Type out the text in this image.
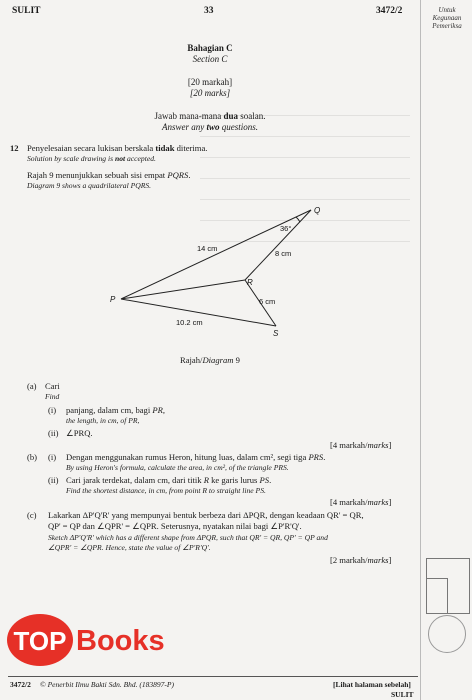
SULIT	33	3472/2	Untuk
Kegunaan
Pemeriksa
Bahagian C
Section C
[20 markah]
[20 marks]
Jawab mana-mana dua soalan.
Answer any two questions.
12 Penyelesaian secara lukisan berskala tidak diterima.
Solution by scale drawing is not accepted.
Rajah 9 menunjukkan sebuah sisi empat PQRS.
Diagram 9 shows a quadrilateral PQRS.
P
Q
R
S
36°
14 cm
8 cm
6 cm
10.2 cm
Rajah/Diagram 9
(a) Cari
Find
(i) panjang, dalam cm, bagi PR,
the length, in cm, of PR,
(ii) ∠PRQ.
[4 markah/marks]
(b) (i) Dengan menggunakan rumus Heron, hitung luas, dalam cm², segi tiga PRS.
By using Heron's formula, calculate the area, in cm², of the triangle PRS.
(ii) Cari jarak terdekat, dalam cm, dari titik R ke garis lurus PS.
Find the shortest distance, in cm, from point R to straight line PS.
[4 markah/marks]
(c) Lakarkan ΔP'Q'R' yang mempunyai bentuk berbeza dari ΔPQR, dengan keadaan QR' = QR,
QP' = QP dan ∠QPR' = ∠QPR. Seterusnya, nyatakan nilai bagi ∠P'R'Q'.
Sketch ΔP'Q'R' which has a different shape from ΔPQR, such that QR' = QR, QP' = QP and
∠QPR' = ∠QPR. Hence, state the value of ∠P'R'Q'.
[2 markah/marks]
3472/2 © Penerbit Ilmu Bakti Sdn. Bhd. (183897-P)	[Lihat halaman sebelah]
SULIT
TOP Books
